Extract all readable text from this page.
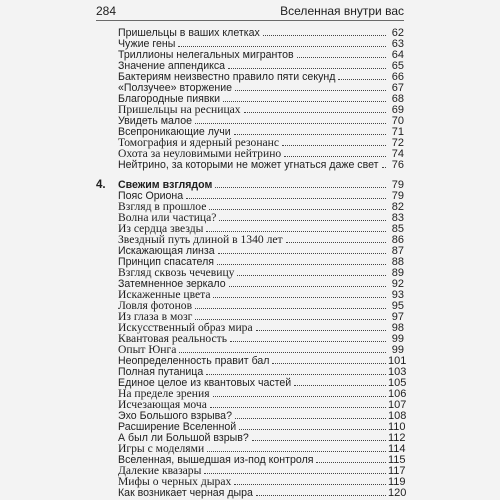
284	Вселенная внутри вас
Пришельцы в ваших клетках	62
Чужие гены	63
Триллионы нелегальных мигрантов	64
Значение аппендикса	65
Бактериям неизвестно правило пяти секунд	66
«Ползучее» вторжение	67
Благородные пиявки	68
Пришельцы на ресницах	69
Увидеть малое	70
Всепроникающие лучи	71
Томография и ядерный резонанс	72
Охота за неуловимыми нейтрино	74
Нейтрино, за которыми не может угнаться даже свет	76
4.	Свежим взглядом	79
Пояс Ориона	79
Взгляд в прошлое	82
Волна или частица?	83
Из сердца звезды	85
Звездный путь длиной в 1340 лет	86
Искажающая линза	87
Принцип спасателя	88
Взгляд сквозь чечевицу	89
Затемненное зеркало	92
Искаженные цвета	93
Ловля фотонов	95
Из глаза в мозг	97
Искусственный образ мира	98
Квантовая реальность	99
Опыт Юнга	99
Неопределенность правит бал	101
Полная путаница	103
Единое целое из квантовых частей	105
На пределе зрения	106
Исчезающая моча	107
Эхо Большого взрыва?	108
Расширение Вселенной	110
А был ли Большой взрыв?	112
Игры с моделями	114
Вселенная, вышедшая из-под контроля	115
Далекие квазары	117
Мифы о черных дырах	119
Как возникает черная дыра	120
